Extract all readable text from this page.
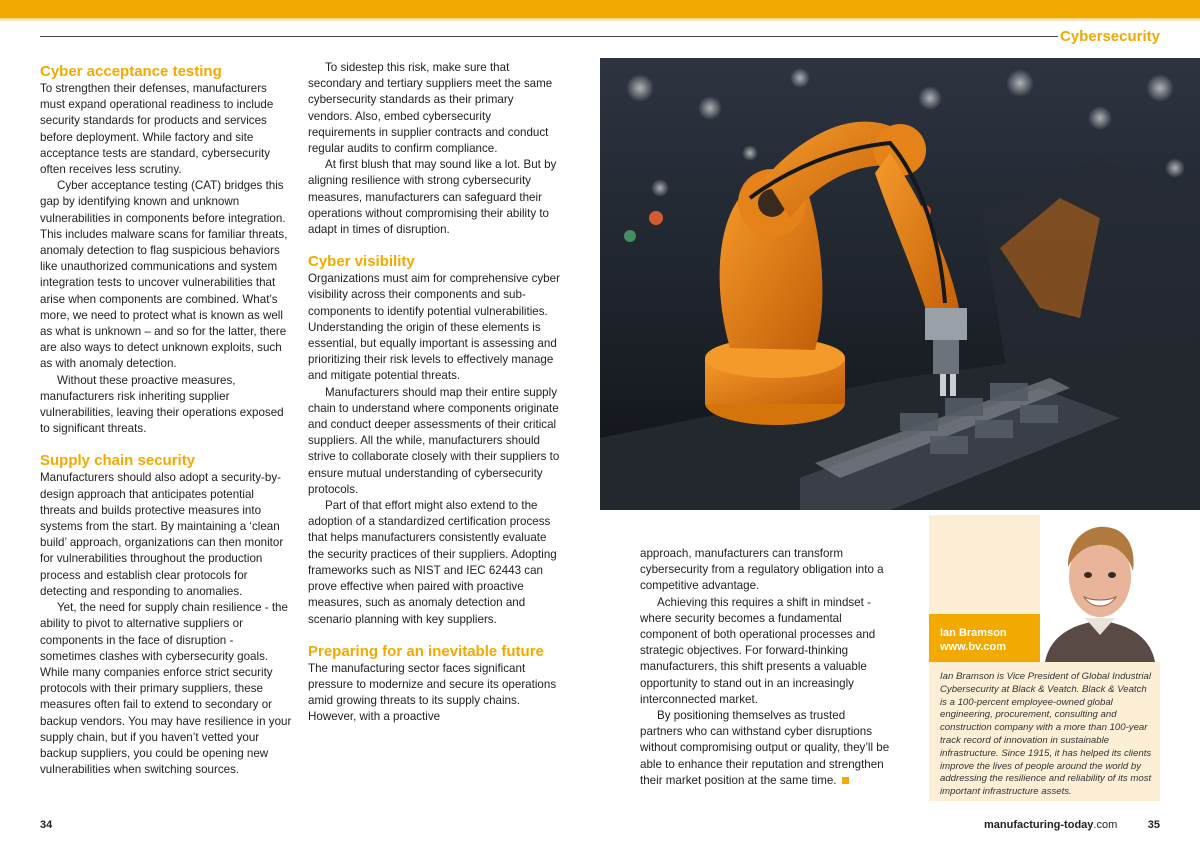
Cybersecurity
Cyber acceptance testing

To strengthen their defenses, manufacturers must expand operational readiness to include security standards for products and services before deployment. While factory and site acceptance tests are standard, cybersecurity often receives less scrutiny.

Cyber acceptance testing (CAT) bridges this gap by identifying known and unknown vulnerabilities in components before integration. This includes malware scans for familiar threats, anomaly detection to flag suspicious behaviors like unauthorized communications and system integration tests to uncover vulnerabilities that arise when components are combined. What’s more, we need to protect what is known as well as what is unknown – and so for the latter, there are also ways to detect unknown exploits, such as with anomaly detection.

Without these proactive measures, manufacturers risk inheriting supplier vulnerabilities, leaving their operations exposed to significant threats.

Supply chain security

Manufacturers should also adopt a security-by-design approach that anticipates potential threats and builds protective measures into systems from the start. By maintaining a ‘clean build’ approach, organizations can then monitor for vulnerabilities throughout the production process and establish clear protocols for detecting and responding to anomalies.

Yet, the need for supply chain resilience - the ability to pivot to alternative suppliers or components in the face of disruption - sometimes clashes with cybersecurity goals. While many companies enforce strict security protocols with their primary suppliers, these measures often fail to extend to secondary or backup vendors. You may have resilience in your supply chain, but if you haven’t vetted your backup suppliers, you could be opening new vulnerabilities when switching sources.

To sidestep this risk, make sure that secondary and tertiary suppliers meet the same cybersecurity standards as their primary vendors. Also, embed cybersecurity requirements in supplier contracts and conduct regular audits to confirm compliance.

At first blush that may sound like a lot. But by aligning resilience with strong cybersecurity measures, manufacturers can safeguard their operations without compromising their ability to adapt in times of disruption.

Cyber visibility

Organizations must aim for comprehensive cyber visibility across their components and sub-components to identify potential vulnerabilities. Understanding the origin of these elements is essential, but equally important is assessing and prioritizing their risk levels to effectively manage and mitigate potential threats.

Manufacturers should map their entire supply chain to understand where components originate and conduct deeper assessments of their critical suppliers. All the while, manufacturers should strive to collaborate closely with their suppliers to ensure mutual understanding of cybersecurity protocols.

Part of that effort might also extend to the adoption of a standardized certification process that helps manufacturers consistently evaluate the security practices of their suppliers. Adopting frameworks such as NIST and IEC 62443 can prove effective when paired with proactive measures, such as anomaly detection and scenario planning with key suppliers.

Preparing for an inevitable future

The manufacturing sector faces significant pressure to modernize and secure its operations amid growing threats to its supply chains. However, with a proactive

approach, manufacturers can transform cybersecurity from a regulatory obligation into a competitive advantage.

Achieving this requires a shift in mindset - where security becomes a fundamental component of both operational processes and strategic objectives. For forward-thinking manufacturers, this shift presents a valuable opportunity to stand out in an increasingly interconnected market.

By positioning themselves as trusted partners who can withstand cyber disruptions without compromising output or quality, they’ll be able to enhance their reputation and strengthen their market position at the same time.

Ian Bramson
www.bv.com

Ian Bramson is Vice President of Global Industrial Cybersecurity at Black & Veatch. Black & Veatch is a 100-percent employee-owned global engineering, procurement, consulting and construction company with a more than 100-year track record of innovation in sustainable infrastructure. Since 1915, it has helped its clients improve the lives of people around the world by addressing the resilience and reliability of its most important infrastructure assets.

34	manufacturing-today.com	35
